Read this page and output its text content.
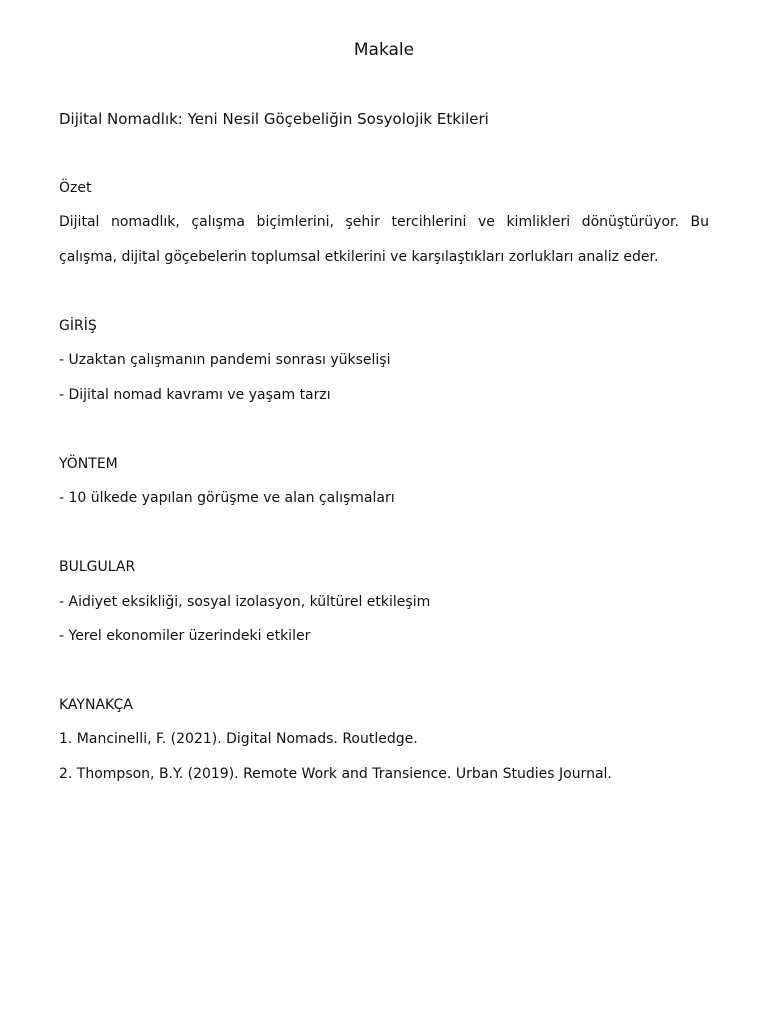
Makale
Dijital Nomadlık: Yeni Nesil Göçebeliğin Sosyolojik Etkileri
Özet
Dijital nomadlık, çalışma biçimlerini, şehir tercihlerini ve kimlikleri dönüştürüyor. Bu
çalışma, dijital göçebelerin toplumsal etkilerini ve karşılaştıkları zorlukları analiz eder.
GİRİŞ
- Uzaktan çalışmanın pandemi sonrası yükselişi
- Dijital nomad kavramı ve yaşam tarzı
YÖNTEM
- 10 ülkede yapılan görüşme ve alan çalışmaları
BULGULAR
- Aidiyet eksikliği, sosyal izolasyon, kültürel etkileşim
- Yerel ekonomiler üzerindeki etkiler
KAYNAKÇA
1. Mancinelli, F. (2021). Digital Nomads. Routledge.
2. Thompson, B.Y. (2019). Remote Work and Transience. Urban Studies Journal.
